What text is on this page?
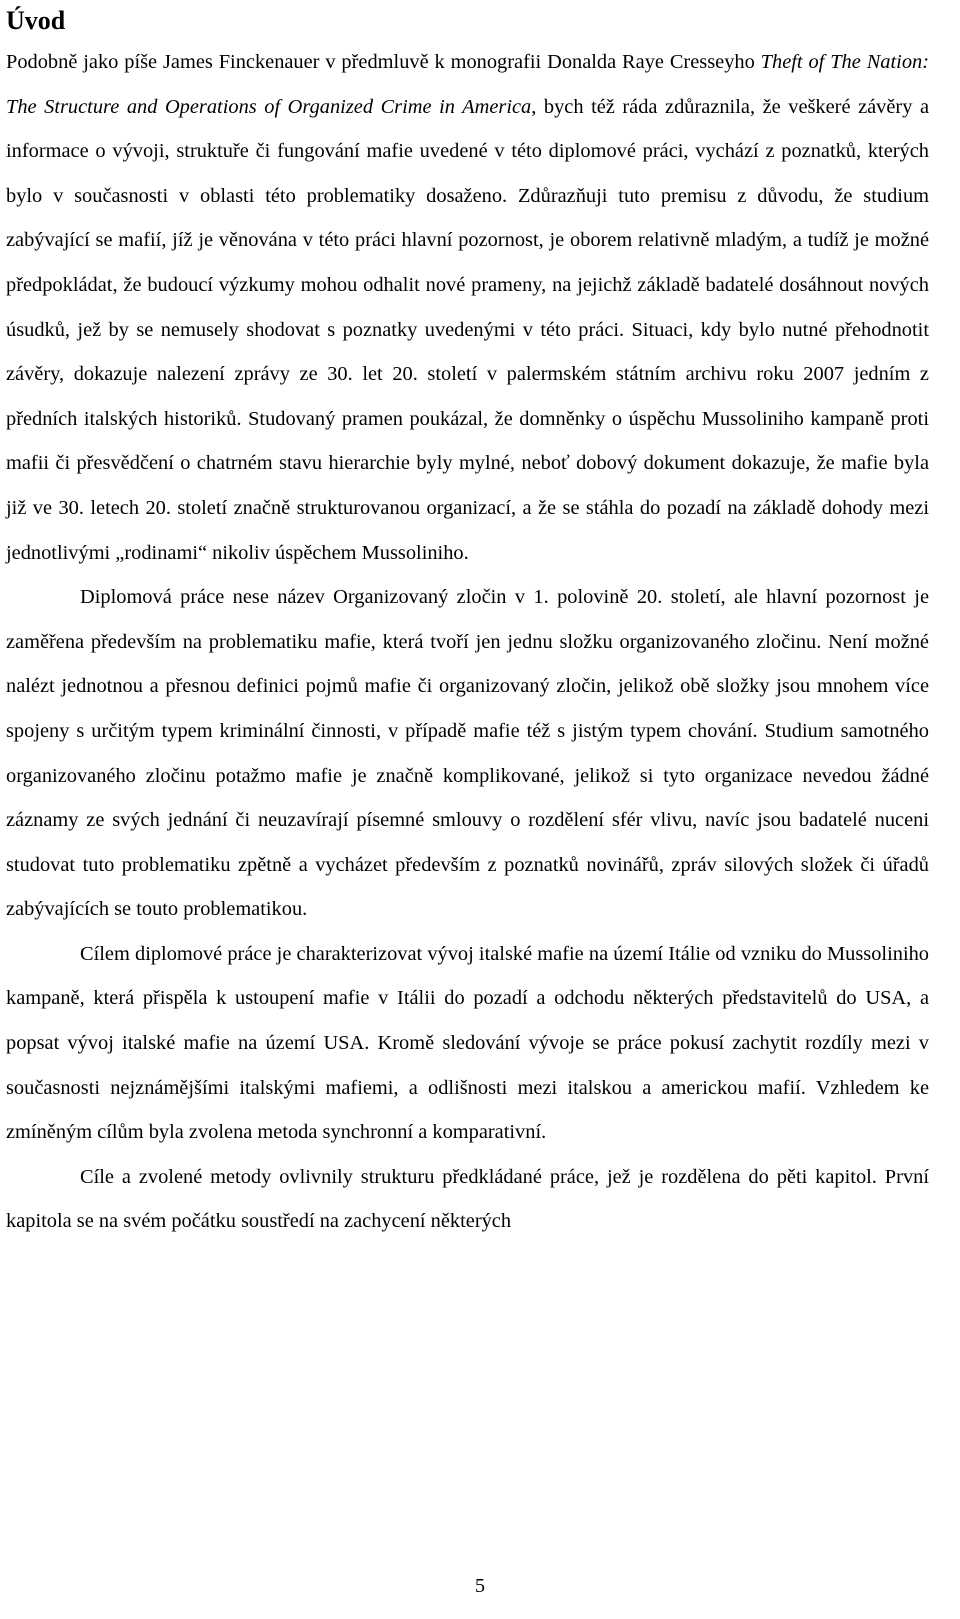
Úvod

Podobně jako píše James Finckenauer v předmluvě k monografii Donalda Raye Cresseyho Theft of The Nation: The Structure and Operations of Organized Crime in America, bych též ráda zdůraznila, že veškeré závěry a informace o vývoji, struktuře či fungování mafie uvedené v této diplomové práci, vychází z poznatků, kterých bylo v současnosti v oblasti této problematiky dosaženo. Zdůrazňuji tuto premisu z důvodu, že studium zabývající se mafií, jíž je věnována v této práci hlavní pozornost, je oborem relativně mladým, a tudíž je možné předpokládat, že budoucí výzkumy mohou odhalit nové prameny, na jejichž základě badatelé dosáhnout nových úsudků, jež by se nemusely shodovat s poznatky uvedenými v této práci. Situaci, kdy bylo nutné přehodnotit závěry, dokazuje nalezení zprávy ze 30. let 20. století v palermském státním archivu roku 2007 jedním z předních italských historiků. Studovaný pramen poukázal, že domněnky o úspěchu Mussoliniho kampaně proti mafii či přesvědčení o chatrném stavu hierarchie byly mylné, neboť dobový dokument dokazuje, že mafie byla již ve 30. letech 20. století značně strukturovanou organizací, a že se stáhla do pozadí na základě dohody mezi jednotlivými „rodinami“ nikoliv úspěchem Mussoliniho.

Diplomová práce nese název Organizovaný zločin v 1. polovině 20. století, ale hlavní pozornost je zaměřena především na problematiku mafie, která tvoří jen jednu složku organizovaného zločinu. Není možné nalézt jednotnou a přesnou definici pojmů mafie či organizovaný zločin, jelikož obě složky jsou mnohem více spojeny s určitým typem kriminální činnosti, v případě mafie též s jistým typem chování. Studium samotného organizovaného zločinu potažmo mafie je značně komplikované, jelikož si tyto organizace nevedou žádné záznamy ze svých jednání či neuzavírají písemné smlouvy o rozdělení sfér vlivu, navíc jsou badatelé nuceni studovat tuto problematiku zpětně a vycházet především z poznatků novinářů, zpráv silových složek či úřadů zabývajících se touto problematikou.

Cílem diplomové práce je charakterizovat vývoj italské mafie na území Itálie od vzniku do Mussoliniho kampaně, která přispěla k ustoupení mafie v Itálii do pozadí a odchodu některých představitelů do USA, a popsat vývoj italské mafie na území USA. Kromě sledování vývoje se práce pokusí zachytit rozdíly mezi v současnosti nejznámějšími italskými mafiemi, a odlišnosti mezi italskou a americkou mafií. Vzhledem ke zmíněným cílům byla zvolena metoda synchronní a komparativní.

Cíle a zvolené metody ovlivnily strukturu předkládané práce, jež je rozdělena do pěti kapitol. První kapitola se na svém počátku soustředí na zachycení některých

5
